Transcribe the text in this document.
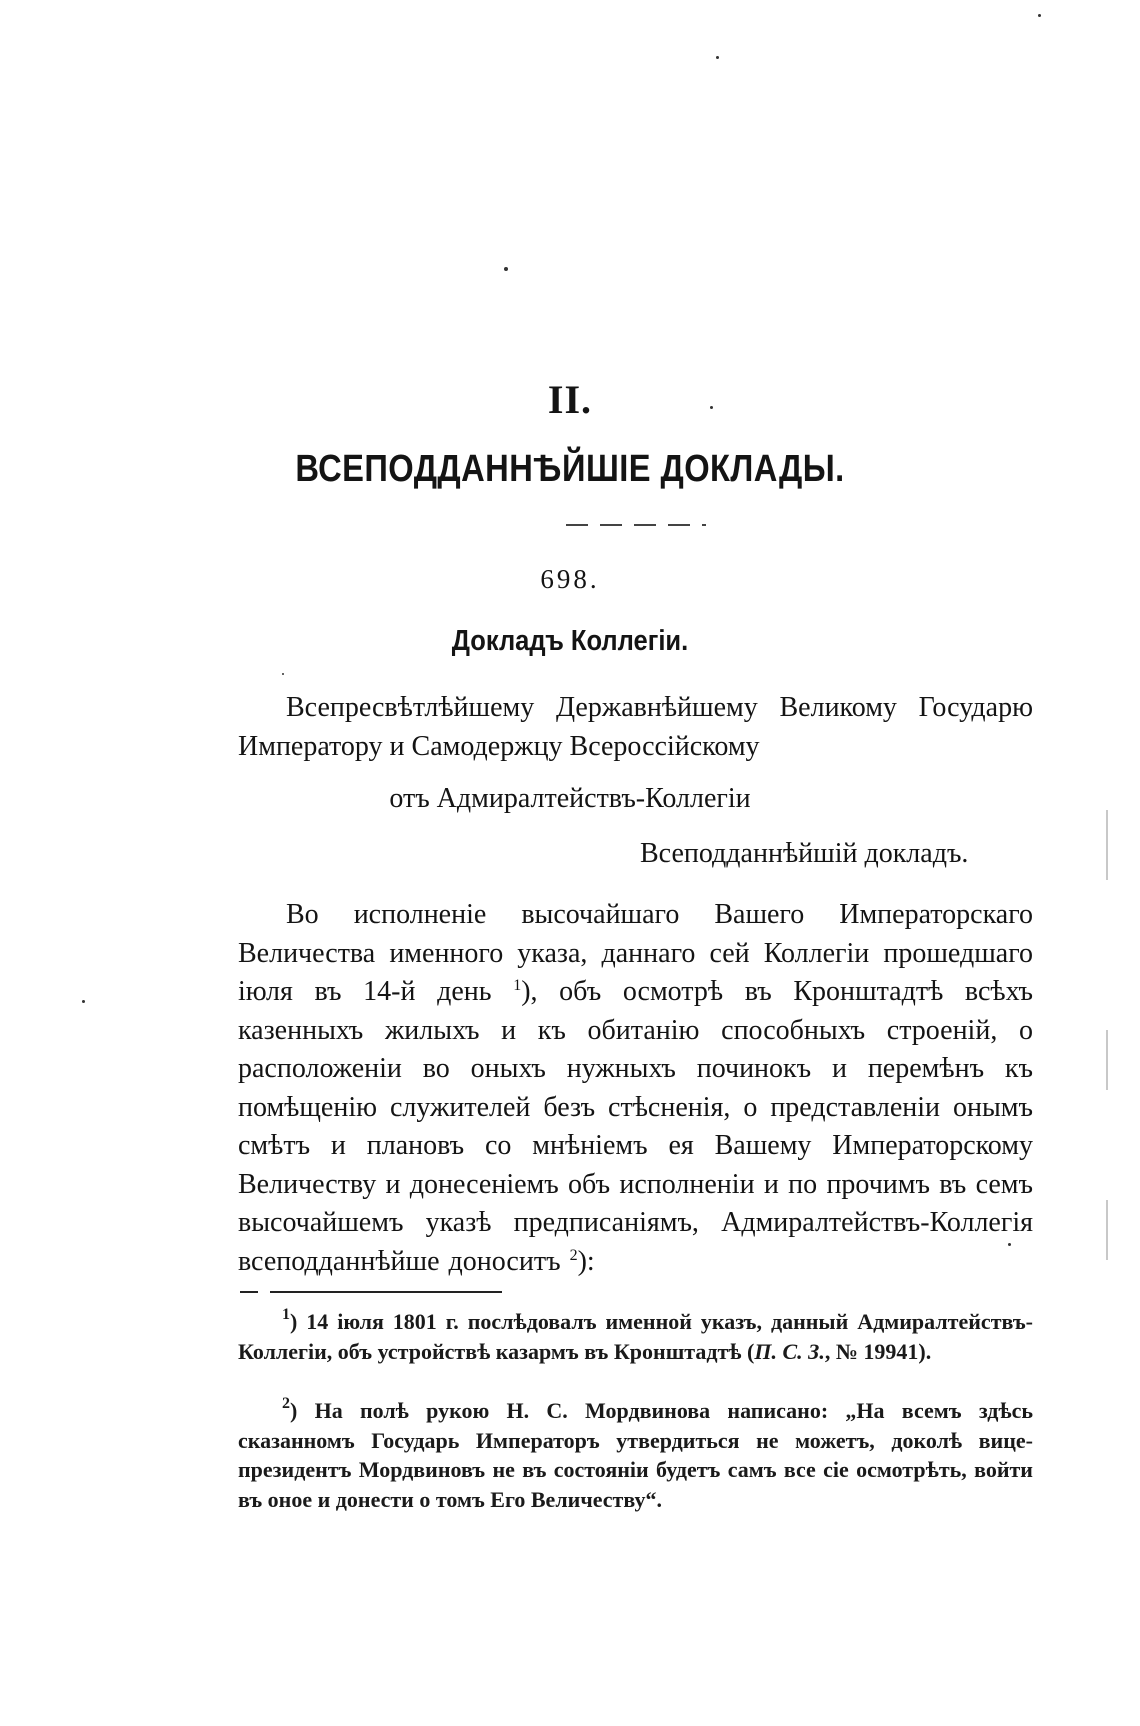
II.
ВСЕПОДДАННѢЙШІЕ ДОКЛАДЫ.
698.
Докладъ Коллегіи.
Всепресвѣтлѣйшему Державнѣйшему Великому Государю Императору и Самодержцу Всероссійскому
отъ Адмиралтействъ-Коллегіи
Всеподданнѣйшій докладъ.
Во исполненіе высочайшаго Вашего Императорскаго Величества именного указа, даннаго сей Коллегіи прошедшаго іюля въ 14-й день $^1$), объ осмотрѣ въ Кронштадтѣ всѣхъ казенныхъ жилыхъ и къ обитанію способныхъ строеній, о расположеніи во оныхъ нужныхъ починокъ и перемѣнъ къ помѣщенію служителей безъ стѣсненія, о представленіи онымъ смѣтъ и плановъ со мнѣніемъ ея Вашему Императорскому Величеству и донесеніемъ объ исполненіи и по прочимъ въ семъ высочайшемъ указѣ предписаніямъ, Адмиралтействъ-Коллегія всеподданнѣйше доноситъ $^2$):
$^1$) 14 іюля 1801 г. послѣдовалъ именной указъ, данный Адмиралтействъ-Коллегіи, объ устройствѣ казармъ въ Кронштадтѣ (П. С. З., № 19941).
$^2$) На полѣ рукою Н. С. Мордвинова написано: „На всемъ здѣсь сказанномъ Государь Императоръ утвердиться не можетъ, доколѣ вице-президентъ Мордвиновъ не въ состояніи будетъ самъ все сіе осмотрѣть, войти въ оное и донести о томъ Его Величеству“.
